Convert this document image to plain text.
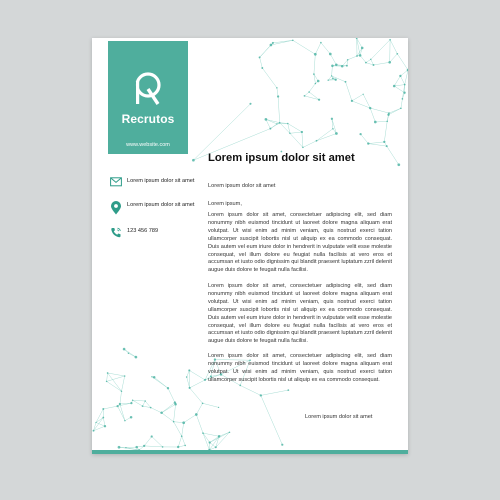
Recrutos
www.website.com
Lorem ipsum dolor sit amet
Lorem ipsum dolor sit amet
123 456 789
Lorem ipsum dolor sit amet
Lorem ipsum dolor sit amet
Lorem ipsum,
Lorem ipsum dolor sit amet, consectetuer adipiscing elit, sed diam nonummy nibh euismod tincidunt ut laoreet dolore magna aliquam erat volutpat. Ut wisi enim ad minim veniam, quis nostrud exerci tation ullamcorper suscipit lobortis nisl ut aliquip ex ea commodo consequat. Duis autem vel eum iriure dolor in hendrerit in vulputate velit esse molestie consequat, vel illum dolore eu feugiat nulla facilisis at vero eros et accumsan et iusto odio dignissim qui blandit praesent luptatum zzril delenit augue duis dolore te feugait nulla facilisi.
Lorem ipsum dolor sit amet, consectetuer adipiscing elit, sed diam nonummy nibh euismod tincidunt ut laoreet dolore magna aliquam erat volutpat. Ut wisi enim ad minim veniam, quis nostrud exerci tation ullamcorper suscipit lobortis nisl ut aliquip ex ea commodo consequat. Duis autem vel eum iriure dolor in hendrerit in vulputate velit esse molestie consequat, vel illum dolore eu feugiat nulla facilisis at vero eros et accumsan et iusto odio dignissim qui blandit praesent luptatum zzril delenit augue duis dolore te feugait nulla facilisi.
Lorem ipsum dolor sit amet, consectetuer adipiscing elit, sed diam nonummy nibh euismod tincidunt ut laoreet dolore magna aliquam erat volutpat. Ut wisi enim ad minim veniam, quis nostrud exerci tation ullamcorper suscipit lobortis nisl ut aliquip ex ea commodo consequat.
Lorem ipsum dolor sit amet
